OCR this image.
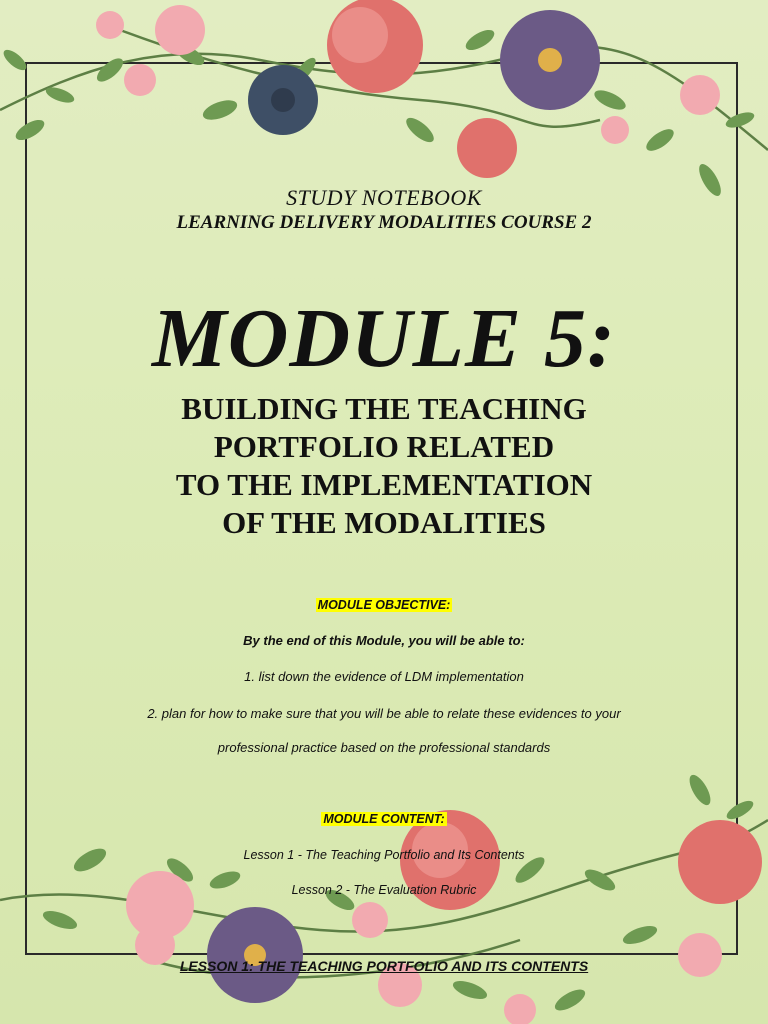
STUDY NOTEBOOK
LEARNING DELIVERY MODALITIES COURSE 2
MODULE 5:
BUILDING THE TEACHING
PORTFOLIO RELATED
TO THE IMPLEMENTATION
OF THE MODALITIES
MODULE OBJECTIVE:
By the end of this Module, you will be able to:
1. list down the evidence of LDM implementation
2. plan for how to make sure that you will be able to relate these evidences to your
professional practice based on the professional standards
MODULE CONTENT:
Lesson 1 - The Teaching Portfolio and Its Contents
Lesson 2 - The Evaluation Rubric
LESSON 1: THE TEACHING PORTFOLIO AND ITS CONTENTS
